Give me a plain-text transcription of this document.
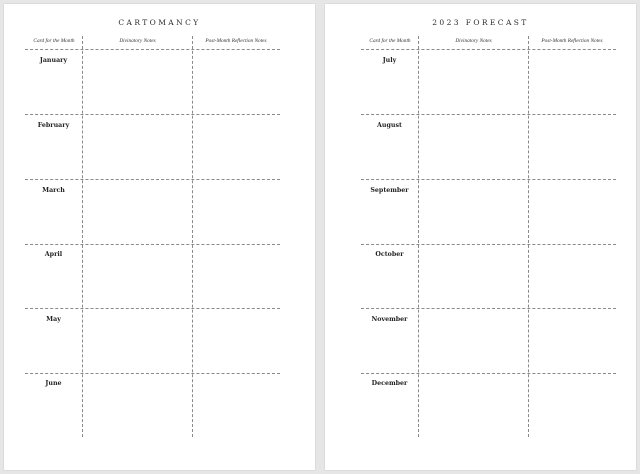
CARTOMANCY
Card for the Month	Divinatory Notes	Post-Month Reflection Notes
January
February
March
April
May
June
2023 FORECAST
Card for the Month	Divinatory Notes	Post-Month Reflection Notes
July
August
September
October
November
December
